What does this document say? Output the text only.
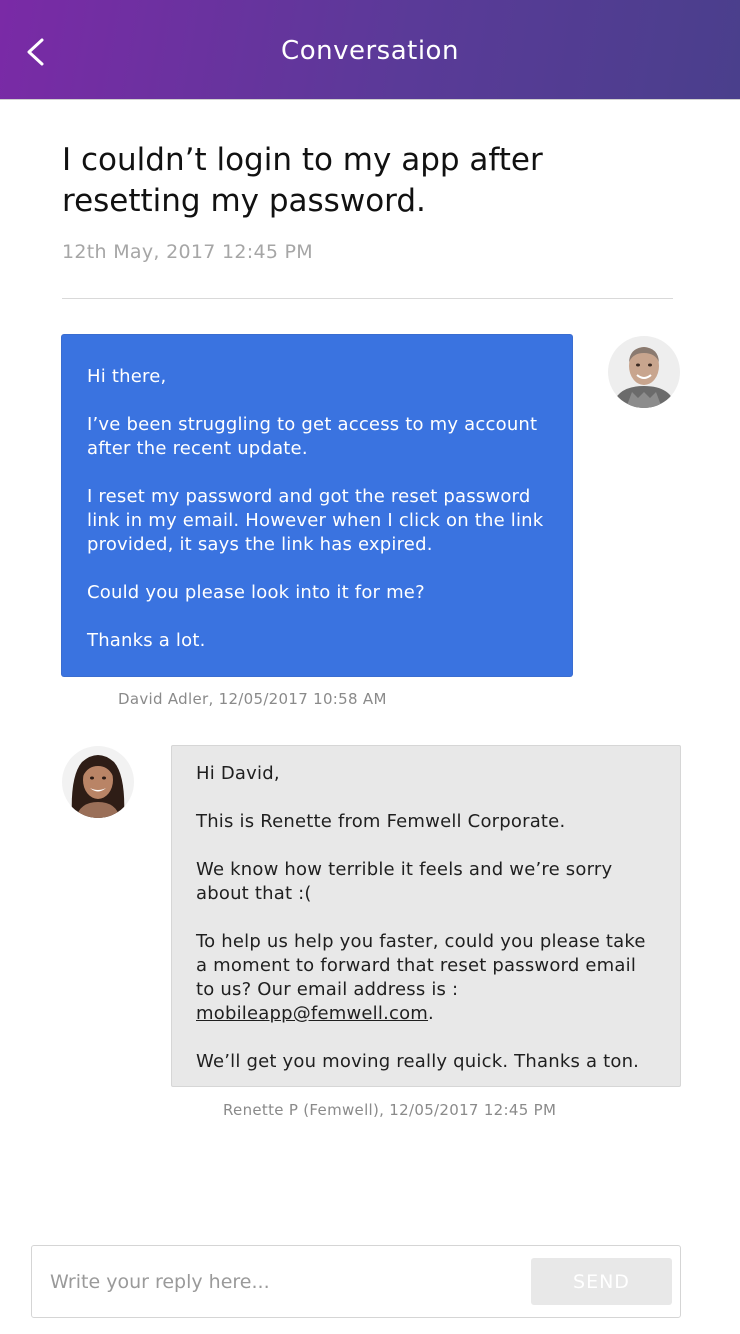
Conversation
I couldn’t login to my app after resetting my password.
12th May, 2017 12:45 PM

Hi there,

I’ve been struggling to get access to my account after the recent update.

I reset my password and got the reset password link in my email. However when I click on the link provided, it says the link has expired.

Could you please look into it for me?

Thanks a lot.

David Adler, 12/05/2017 10:58 AM

Hi David,

This is Renette from Femwell Corporate.

We know how terrible it feels and we’re sorry about that :(

To help us help you faster, could you please take a moment to forward that reset password email to us? Our email address is :
mobileapp@femwell.com.

We’ll get you moving really quick. Thanks a ton.

Renette P (Femwell), 12/05/2017 12:45 PM
Write your reply here...
SEND
